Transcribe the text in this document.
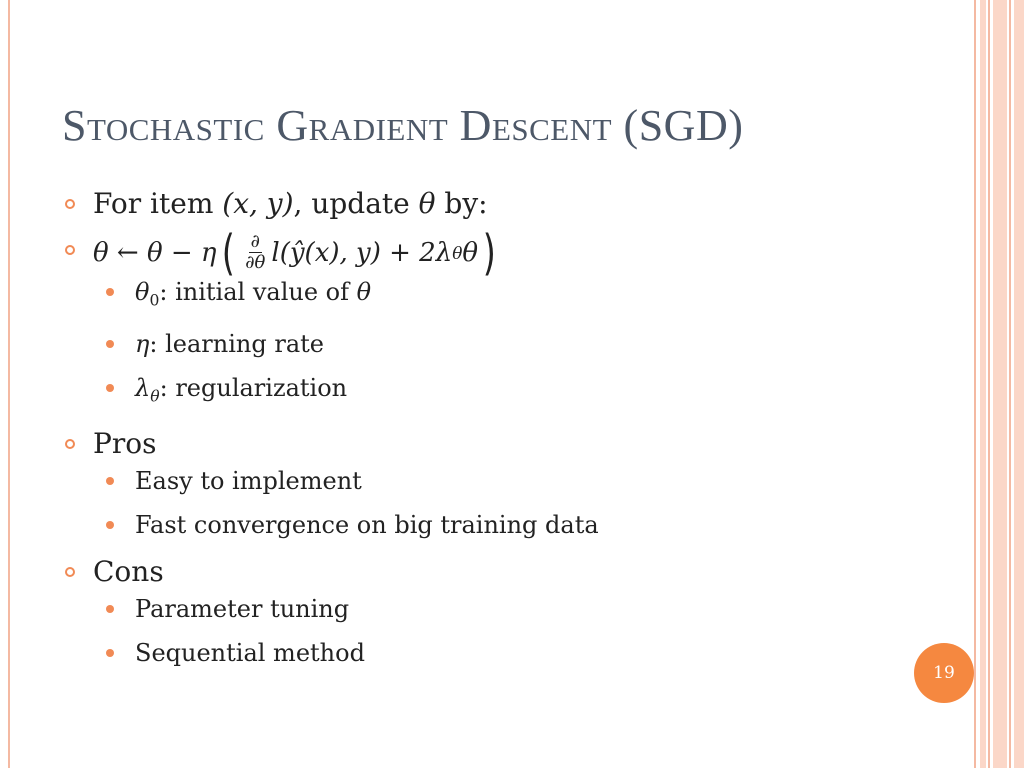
Stochastic Gradient Descent (SGD)
For item (x, y), update θ by:
θ ← θ − η ( $\frac{\partial}{\partial\theta}$ l(ŷ(x), y) + 2λ θ θ )
$\theta_0$: initial value of θ
η: learning rate
$\lambda_\theta$: regularization
Pros
Easy to implement
Fast convergence on big training data
Cons
Parameter tuning
Sequential method
19
